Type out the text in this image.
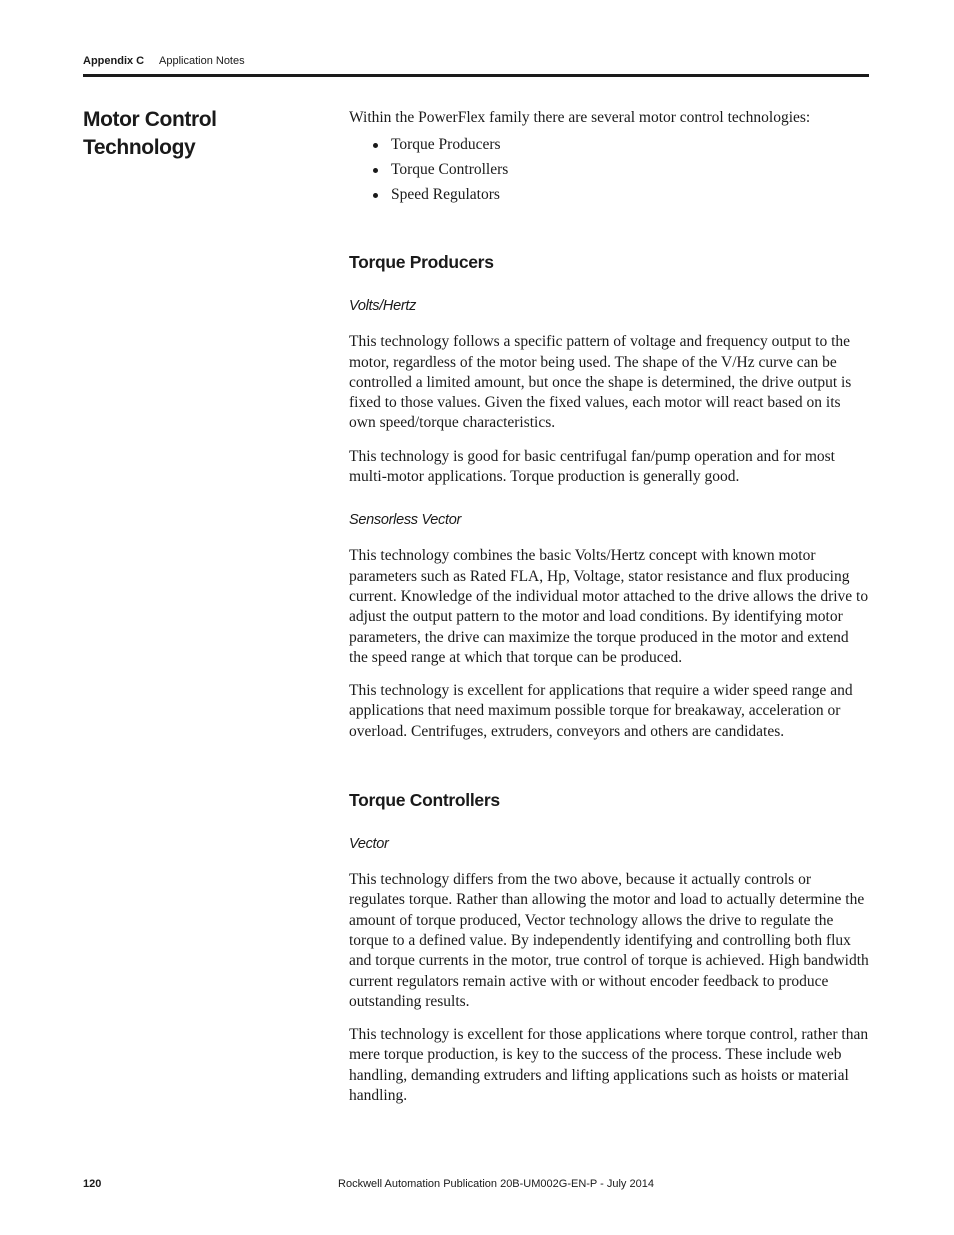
Appendix C Application Notes
Motor Control Technology

Within the PowerFlex family there are several motor control technologies:

Torque Producers
Torque Controllers
Speed Regulators
Torque Producers
Volts/Hertz

This technology follows a specific pattern of voltage and frequency output to the motor, regardless of the motor being used. The shape of the V/Hz curve can be controlled a limited amount, but once the shape is determined, the drive output is fixed to those values. Given the fixed values, each motor will react based on its own speed/torque characteristics.

This technology is good for basic centrifugal fan/pump operation and for most multi-motor applications. Torque production is generally good.

Sensorless Vector

This technology combines the basic Volts/Hertz concept with known motor parameters such as Rated FLA, Hp, Voltage, stator resistance and flux producing current. Knowledge of the individual motor attached to the drive allows the drive to adjust the output pattern to the motor and load conditions. By identifying motor parameters, the drive can maximize the torque produced in the motor and extend the speed range at which that torque can be produced.

This technology is excellent for applications that require a wider speed range and applications that need maximum possible torque for breakaway, acceleration or overload. Centrifuges, extruders, conveyors and others are candidates.

Torque Controllers
Vector

This technology differs from the two above, because it actually controls or regulates torque. Rather than allowing the motor and load to actually determine the amount of torque produced, Vector technology allows the drive to regulate the torque to a defined value. By independently identifying and controlling both flux and torque currents in the motor, true control of torque is achieved. High bandwidth current regulators remain active with or without encoder feedback to produce outstanding results.

This technology is excellent for those applications where torque control, rather than mere torque production, is key to the success of the process. These include web handling, demanding extruders and lifting applications such as hoists or material handling.

120	Rockwell Automation Publication 20B-UM002G-EN-P - July 2014
